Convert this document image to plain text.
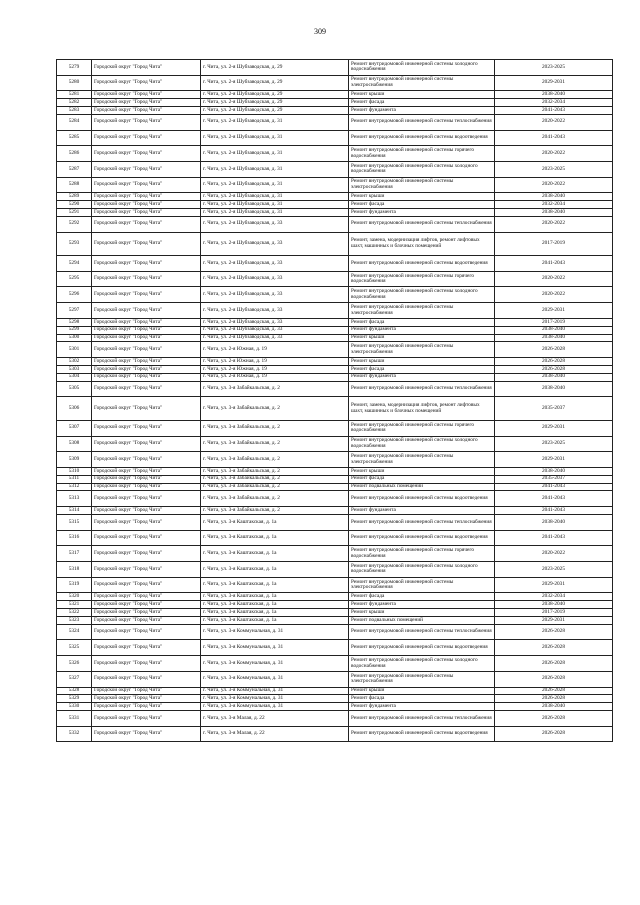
309
5279	Городской округ "Город Чита"	г. Чита, ул. 2-я Шубзаводская, д. 29	Ремонт внутридомовой инженерной системы холодного водоснабжения	2023-2025
5280	Городской округ "Город Чита"	г. Чита, ул. 2-я Шубзаводская, д. 29	Ремонт внутридомовой инженерной системы электроснабжения	2029-2031
5281	Городской округ "Город Чита"	г. Чита, ул. 2-я Шубзаводская, д. 29	Ремонт крыши	2038-2040
5282	Городской округ "Город Чита"	г. Чита, ул. 2-я Шубзаводская, д. 29	Ремонт фасада	2032-2034
5283	Городской округ "Город Чита"	г. Чита, ул. 2-я Шубзаводская, д. 29	Ремонт фундамента	2041-2043
5284	Городской округ "Город Чита"	г. Чита, ул. 2-я Шубзаводская, д. 31	Ремонт внутридомовой инженерной системы теплоснабжения	2020-2022
5285	Городской округ "Город Чита"	г. Чита, ул. 2-я Шубзаводская, д. 31	Ремонт внутридомовой инженерной системы водоотведения	2041-2043
5286	Городской округ "Город Чита"	г. Чита, ул. 2-я Шубзаводская, д. 31	Ремонт внутридомовой инженерной системы горячего водоснабжения	2020-2022
5287	Городской округ "Город Чита"	г. Чита, ул. 2-я Шубзаводская, д. 31	Ремонт внутридомовой инженерной системы холодного водоснабжения	2023-2025
5288	Городской округ "Город Чита"	г. Чита, ул. 2-я Шубзаводская, д. 31	Ремонт внутридомовой инженерной системы электроснабжения	2020-2022
5289	Городской округ "Город Чита"	г. Чита, ул. 2-я Шубзаводская, д. 31	Ремонт крыши	2038-2040
5290	Городской округ "Город Чита"	г. Чита, ул. 2-я Шубзаводская, д. 31	Ремонт фасада	2032-2034
5291	Городской округ "Город Чита"	г. Чита, ул. 2-я Шубзаводская, д. 31	Ремонт фундамента	2038-2040
5292	Городской округ "Город Чита"	г. Чита, ул. 2-я Шубзаводская, д. 33	Ремонт внутридомовой инженерной системы теплоснабжения	2020-2022
5293	Городской округ "Город Чита"	г. Чита, ул. 2-я Шубзаводская, д. 33	Ремонт, замена, модернизация лифтов, ремонт лифтовых шахт, машинных и блочных помещений	2017-2019
5294	Городской округ "Город Чита"	г. Чита, ул. 2-я Шубзаводская, д. 33	Ремонт внутридомовой инженерной системы водоотведения	2041-2043
5295	Городской округ "Город Чита"	г. Чита, ул. 2-я Шубзаводская, д. 33	Ремонт внутридомовой инженерной системы горячего водоснабжения	2020-2022
5296	Городской округ "Город Чита"	г. Чита, ул. 2-я Шубзаводская, д. 33	Ремонт внутридомовой инженерной системы холодного водоснабжения	2020-2022
5297	Городской округ "Город Чита"	г. Чита, ул. 2-я Шубзаводская, д. 33	Ремонт внутридомовой инженерной системы электроснабжения	2029-2031
5298	Городской округ "Город Чита"	г. Чита, ул. 2-я Шубзаводская, д. 33	Ремонт фасада	2017-2019
5299	Городской округ "Город Чита"	г. Чита, ул. 2-я Шубзаводская, д. 33	Ремонт фундамента	2038-2040
5300	Городской округ "Город Чита"	г. Чита, ул. 2-я Шубзаводская, д. 33	Ремонт крыши	2038-2040
5301	Городской округ "Город Чита"	г. Чита, ул. 2-я Южная, д. 19	Ремонт внутридомовой инженерной системы электроснабжения	2026-2028
5302	Городской округ "Город Чита"	г. Чита, ул. 2-я Южная, д. 19	Ремонт крыши	2026-2028
5303	Городской округ "Город Чита"	г. Чита, ул. 2-я Южная, д. 19	Ремонт фасада	2026-2028
5304	Городской округ "Город Чита"	г. Чита, ул. 2-я Южная, д. 19	Ремонт фундамента	2038-2040
5305	Городской округ "Город Чита"	г. Чита, ул. 3-я Забайкальская, д. 2	Ремонт внутридомовой инженерной системы теплоснабжения	2038-2040
5306	Городской округ "Город Чита"	г. Чита, ул. 3-я Забайкальская, д. 2	Ремонт, замена, модернизация лифтов, ремонт лифтовых шахт, машинных и блочных помещений	2035-2037
5307	Городской округ "Город Чита"	г. Чита, ул. 3-я Забайкальская, д. 2	Ремонт внутридомовой инженерной системы горячего водоснабжения	2029-2031
5308	Городской округ "Город Чита"	г. Чита, ул. 3-я Забайкальская, д. 2	Ремонт внутридомовой инженерной системы холодного водоснабжения	2023-2025
5309	Городской округ "Город Чита"	г. Чита, ул. 3-я Забайкальская, д. 2	Ремонт внутридомовой инженерной системы электроснабжения	2029-2031
5310	Городской округ "Город Чита"	г. Чита, ул. 3-я Забайкальская, д. 2	Ремонт крыши	2038-2040
5311	Городской округ "Город Чита"	г. Чита, ул. 3-я Забайкальская, д. 2	Ремонт фасада	2035-2037
5312	Городской округ "Город Чита"	г. Чита, ул. 3-я Забайкальская, д. 2	Ремонт подвальных помещений	2041-2043
5313	Городской округ "Город Чита"	г. Чита, ул. 3-я Забайкальская, д. 2	Ремонт внутридомовой инженерной системы водоотведения	2041-2043
5314	Городской округ "Город Чита"	г. Чита, ул. 3-я Забайкальская, д. 2	Ремонт фундамента	2041-2043
5315	Городской округ "Город Чита"	г. Чита, ул. 3-я Каштакская, д. 1а	Ремонт внутридомовой инженерной системы теплоснабжения	2038-2040
5316	Городской округ "Город Чита"	г. Чита, ул. 3-я Каштакская, д. 1а	Ремонт внутридомовой инженерной системы водоотведения	2041-2043
5317	Городской округ "Город Чита"	г. Чита, ул. 3-я Каштакская, д. 1а	Ремонт внутридомовой инженерной системы горячего водоснабжения	2020-2022
5318	Городской округ "Город Чита"	г. Чита, ул. 3-я Каштакская, д. 1а	Ремонт внутридомовой инженерной системы холодного водоснабжения	2023-2025
5319	Городской округ "Город Чита"	г. Чита, ул. 3-я Каштакская, д. 1а	Ремонт внутридомовой инженерной системы электроснабжения	2029-2031
5320	Городской округ "Город Чита"	г. Чита, ул. 3-я Каштакская, д. 1а	Ремонт фасада	2032-2034
5321	Городской округ "Город Чита"	г. Чита, ул. 3-я Каштакская, д. 1а	Ремонт фундамента	2038-2040
5322	Городской округ "Город Чита"	г. Чита, ул. 3-я Каштакская, д. 1а	Ремонт крыши	2017-2019
5323	Городской округ "Город Чита"	г. Чита, ул. 3-я Каштакская, д. 1а	Ремонт подвальных помещений	2029-2031
5324	Городской округ "Город Чита"	г. Чита, ул. 3-я Коммунальная, д. 31	Ремонт внутридомовой инженерной системы теплоснабжения	2026-2028
5325	Городской округ "Город Чита"	г. Чита, ул. 3-я Коммунальная, д. 31	Ремонт внутридомовой инженерной системы водоотведения	2026-2028
5326	Городской округ "Город Чита"	г. Чита, ул. 3-я Коммунальная, д. 31	Ремонт внутридомовой инженерной системы холодного водоснабжения	2026-2028
5327	Городской округ "Город Чита"	г. Чита, ул. 3-я Коммунальная, д. 31	Ремонт внутридомовой инженерной системы электроснабжения	2026-2028
5328	Городской округ "Город Чита"	г. Чита, ул. 3-я Коммунальная, д. 31	Ремонт крыши	2026-2028
5329	Городской округ "Город Чита"	г. Чита, ул. 3-я Коммунальная, д. 31	Ремонт фасада	2026-2028
5330	Городской округ "Город Чита"	г. Чита, ул. 3-я Коммунальная, д. 31	Ремонт фундамента	2038-2040
5331	Городской округ "Город Чита"	г. Чита, ул. 3-я Малая, д. 22	Ремонт внутридомовой инженерной системы теплоснабжения	2026-2028
5332	Городской округ "Город Чита"	г. Чита, ул. 3-я Малая, д. 22	Ремонт внутридомовой инженерной системы водоотведения	2026-2028
